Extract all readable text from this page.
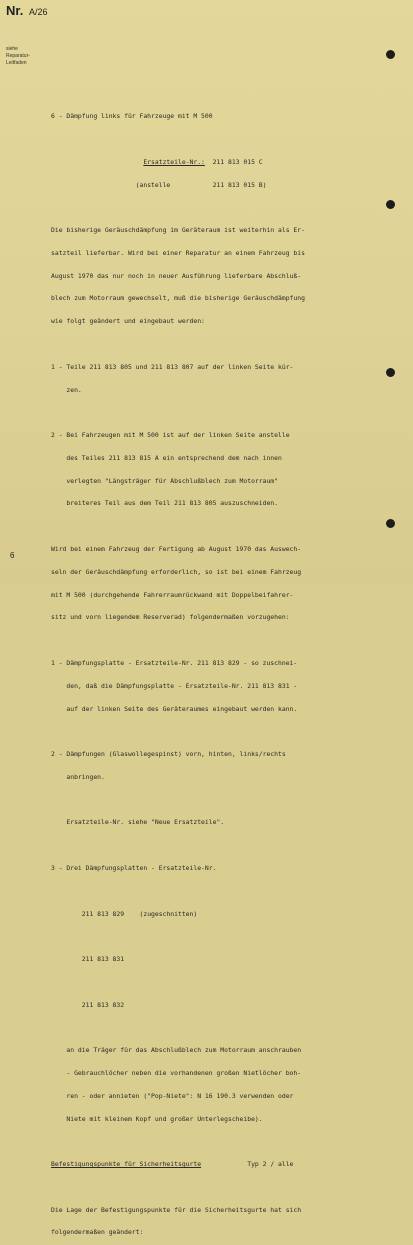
Nr. A/26
siehe
Reparatur-
Leitfaden
6

6 - Dämpfung links für Fahrzeuge mit M 500

Ersatzteile-Nr.: 211 813 015 C

(anstelle	211 813 015 B)

Die bisherige Geräuschdämpfung im Geräteraum ist weiterhin als Er-

satzteil lieferbar. Wird bei einer Reparatur an einem Fahrzeug bis

August 1970 das nur noch in neuer Ausführung lieferbare Abschluß-

blech zum Motorraum gewechselt, muß die bisherige Geräuschdämpfung

wie folgt geändert und eingebaut werden:

1 - Teile 211 813 805 und 211 813 807 auf der linken Seite kür-

zen.

2 - Bei Fahrzeugen mit M 500 ist auf der linken Seite anstelle

des Teiles 211 813 815 A ein entsprechend dem nach innen

verlegten "Längsträger für Abschlußblech zum Motorraum"

breiteres Teil aus dem Teil 211 813 805 auszuschneiden.

Wird bei einem Fahrzeug der Fertigung ab August 1970 das Auswech-

seln der Geräuschdämpfung erforderlich, so ist bei einem Fahrzeug

mit M 500 (durchgehende Fahrerraumrückwand mit Doppelbeifahrer-

sitz und vorn liegendem Reserverad) folgendermaßen vorzugehen:

1 - Dämpfungsplatte - Ersatzteile-Nr. 211 813 829 - so zuschnei-

den, daß die Dämpfungsplatte - Ersatzteile-Nr. 211 813 831 -

auf der linken Seite des Geräteraumes eingebaut werden kann.

2 - Dämpfungen (Glaswollegespinst) vorn, hinten, links/rechts

anbringen.

Ersatzteile-Nr. siehe "Neue Ersatzteile".

3 - Drei Dämpfungsplatten - Ersatzteile-Nr.

211 813 829 (zugeschnitten)

211 813 831

211 813 832

an die Träger für das Abschlußblech zum Motorraum anschrauben

- Gebrauchlöcher neben die vorhandenen großen Nietlöcher boh-

ren - oder annieten ("Pop-Niete": N 16 190.3 verwenden oder

Niete mit kleinem Kopf und großer Unterlegscheibe).

Befestigungspunkte für Sicherheitsgurte	Typ 2 / alle

Die Lage der Befestigungspunkte für die Sicherheitsgurte hat sich

folgendermaßen geändert:
